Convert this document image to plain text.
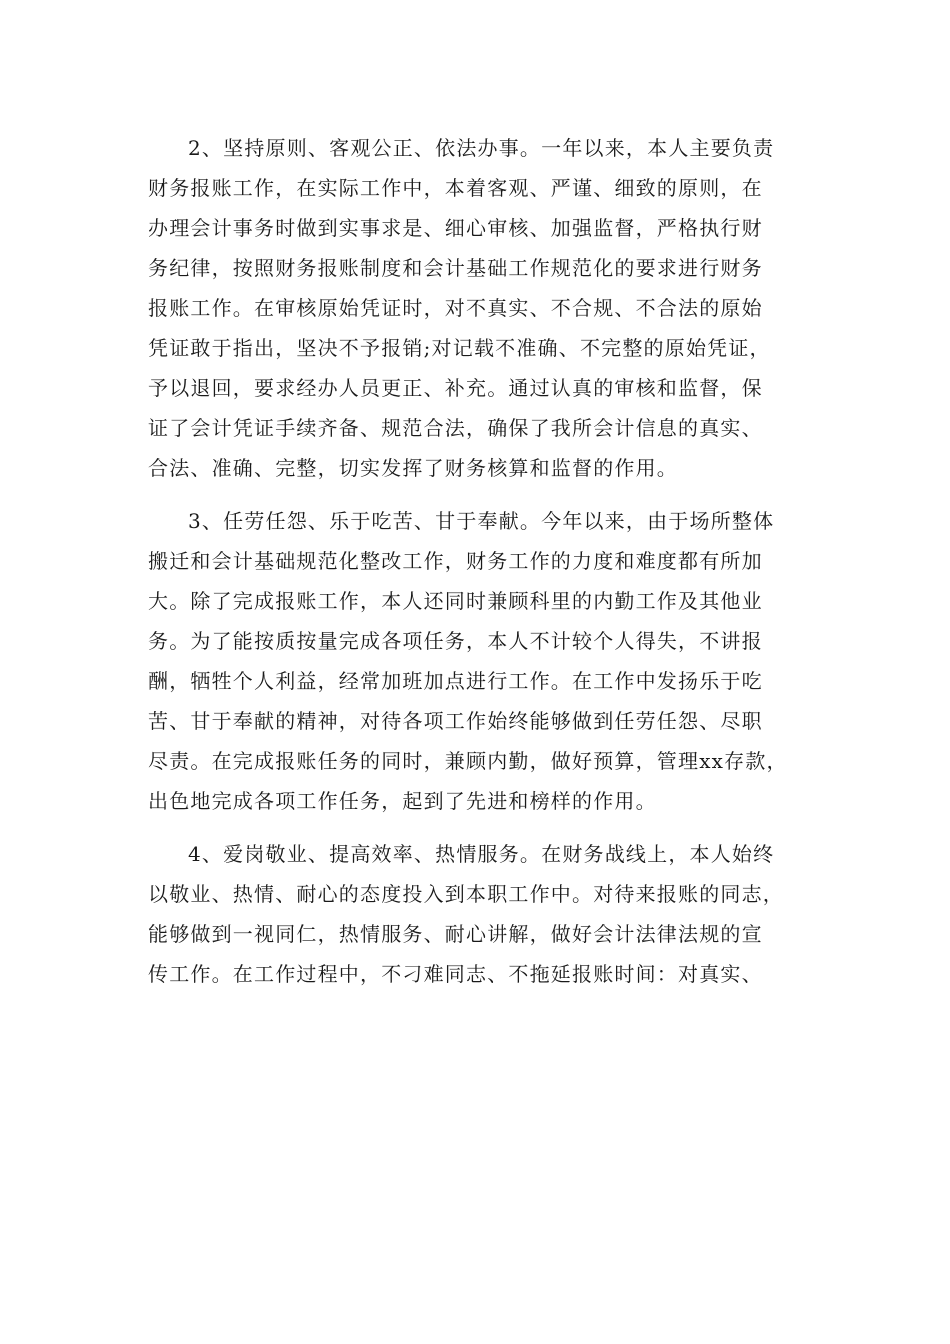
2、坚持原则、客观公正、依法办事。一年以来，本人主要负责
财务报账工作，在实际工作中，本着客观、严谨、细致的原则，在
办理会计事务时做到实事求是、细心审核、加强监督，严格执行财
务纪律，按照财务报账制度和会计基础工作规范化的要求进行财务
报账工作。在审核原始凭证时，对不真实、不合规、不合法的原始
凭证敢于指出，坚决不予报销;对记载不准确、不完整的原始凭证，
予以退回，要求经办人员更正、补充。通过认真的审核和监督，保
证了会计凭证手续齐备、规范合法，确保了我所会计信息的真实、
合法、准确、完整，切实发挥了财务核算和监督的作用。
3、任劳任怨、乐于吃苦、甘于奉献。今年以来，由于场所整体
搬迁和会计基础规范化整改工作，财务工作的力度和难度都有所加
大。除了完成报账工作，本人还同时兼顾科里的内勤工作及其他业
务。为了能按质按量完成各项任务，本人不计较个人得失，不讲报
酬，牺牲个人利益，经常加班加点进行工作。在工作中发扬乐于吃
苦、甘于奉献的精神，对待各项工作始终能够做到任劳任怨、尽职
尽责。在完成报账任务的同时，兼顾内勤，做好预算，管理xx存款，
出色地完成各项工作任务，起到了先进和榜样的作用。
4、爱岗敬业、提高效率、热情服务。在财务战线上，本人始终
以敬业、热情、耐心的态度投入到本职工作中。对待来报账的同志，
能够做到一视同仁，热情服务、耐心讲解，做好会计法律法规的宣
传工作。在工作过程中，不刁难同志、不拖延报账时间：对真实、
